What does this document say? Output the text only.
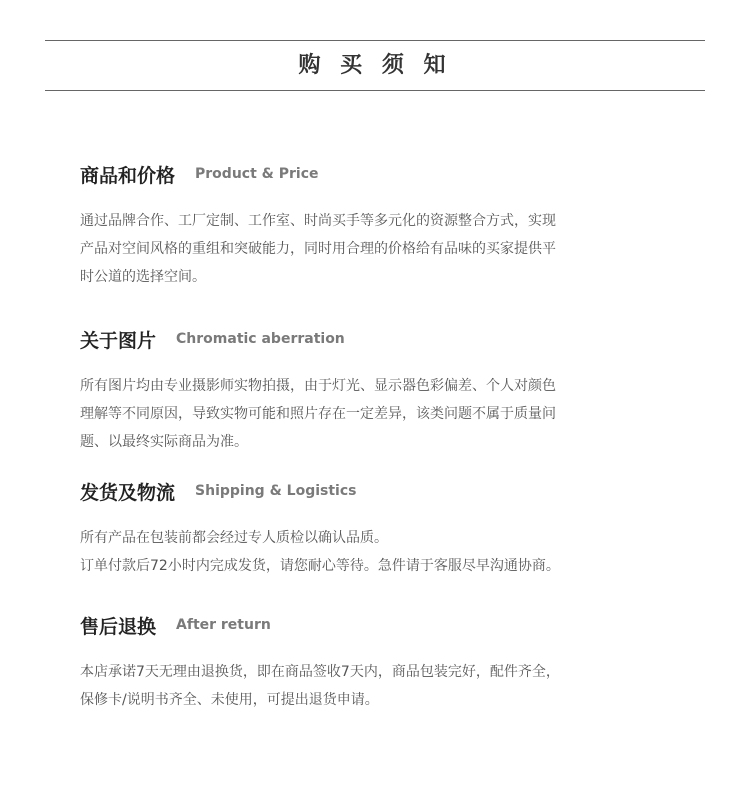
购 买 须 知
商品和价格 Product & Price
通过品牌合作、工厂定制、工作室、时尚买手等多元化的资源整合方式，实现
产品对空间风格的重组和突破能力，同时用合理的价格给有品味的买家提供平
时公道的选择空间。
关于图片 Chromatic aberration
所有图片均由专业摄影师实物拍摄，由于灯光、显示器色彩偏差、个人对颜色
理解等不同原因，导致实物可能和照片存在一定差异，该类问题不属于质量问
题、以最终实际商品为准。
发货及物流 Shipping & Logistics
所有产品在包装前都会经过专人质检以确认品质。
订单付款后72小时内完成发货，请您耐心等待。急件请于客服尽早沟通协商。
售后退换 After return
本店承诺7天无理由退换货，即在商品签收7天内，商品包装完好，配件齐全，
保修卡/说明书齐全、未使用，可提出退货申请。
